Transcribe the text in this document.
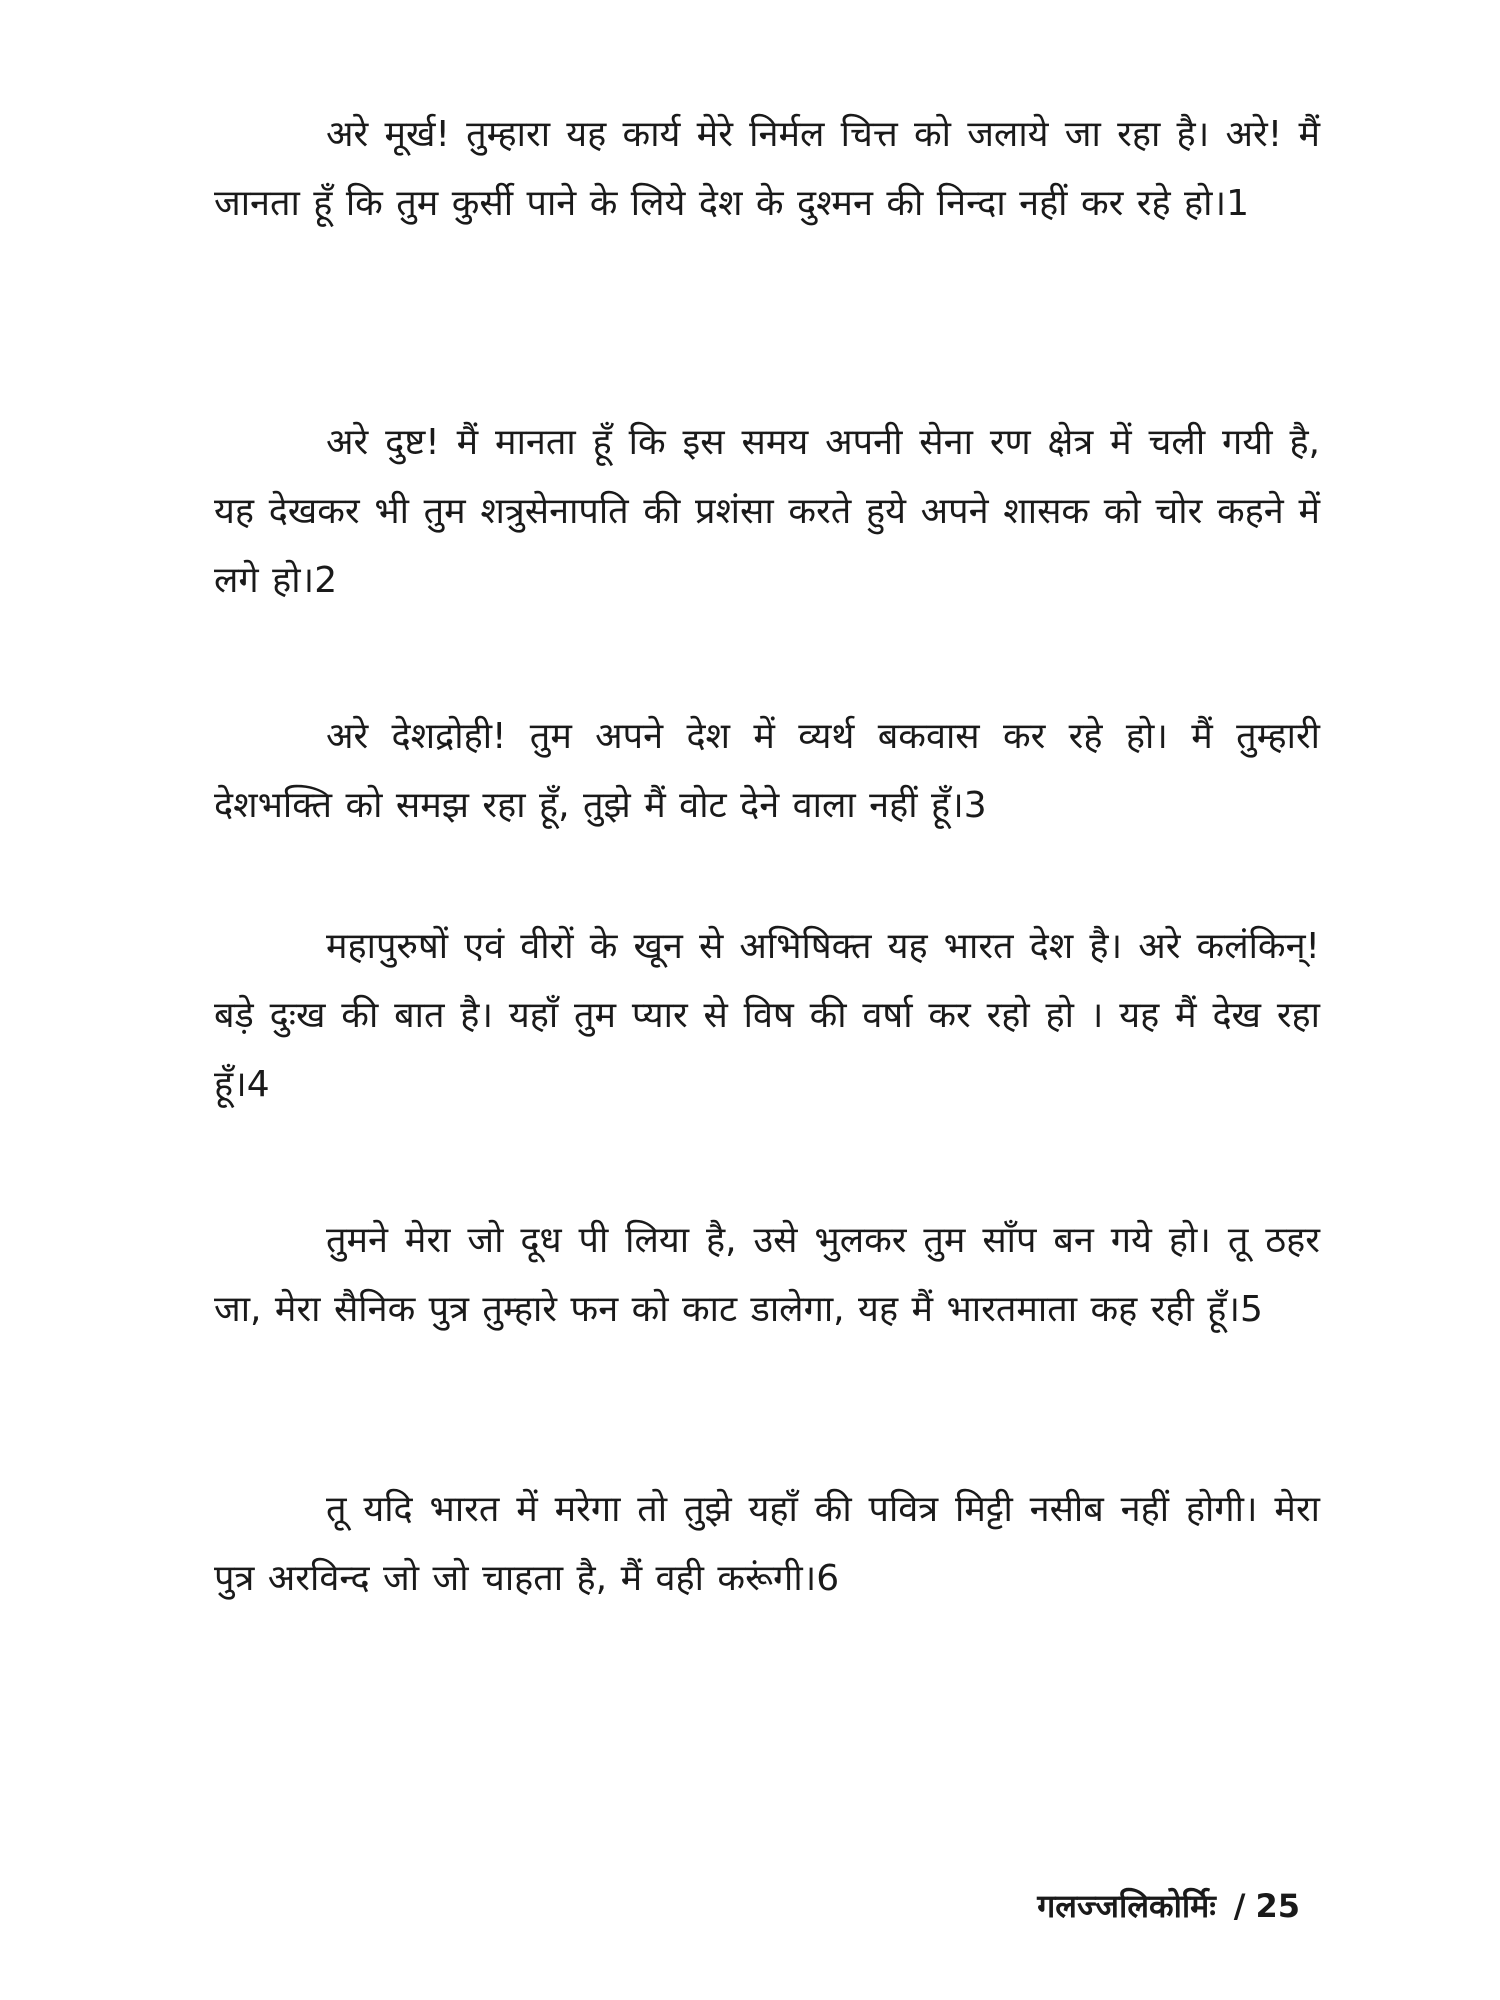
अरे मूर्ख! तुम्हारा यह कार्य मेरे निर्मल चित्त को जलाये जा रहा है। अरे! मैं जानता हूँ कि तुम कुर्सी पाने के लिये देश के दुश्मन की निन्दा नहीं कर रहे हो।1

अरे दुष्ट! मैं मानता हूँ कि इस समय अपनी सेना रण क्षेत्र में चली गयी है, यह देखकर भी तुम शत्रुसेनापति की प्रशंसा करते हुये अपने शासक को चोर कहने में लगे हो।2

अरे देशद्रोही! तुम अपने देश में व्यर्थ बकवास कर रहे हो। मैं तुम्हारी देशभक्ति को समझ रहा हूँ, तुझे मैं वोट देने वाला नहीं हूँ।3

महापुरुषों एवं वीरों के खून से अभिषिक्त यह भारत देश है। अरे कलंकिन्! बड़े दुःख की बात है। यहाँ तुम प्यार से विष की वर्षा कर रहो हो । यह मैं देख रहा हूँ।4

तुमने मेरा जो दूध पी लिया है, उसे भुलकर तुम साँप बन गये हो। तू ठहर जा, मेरा सैनिक पुत्र तुम्हारे फन को काट डालेगा, यह मैं भारतमाता कह रही हूँ।5

तू यदि भारत में मरेगा तो तुझे यहाँ की पवित्र मिट्टी नसीब नहीं होगी। मेरा पुत्र अरविन्द जो जो चाहता है, मैं वही करूंगी।6

गलज्जलिकोर्मिः / 25
